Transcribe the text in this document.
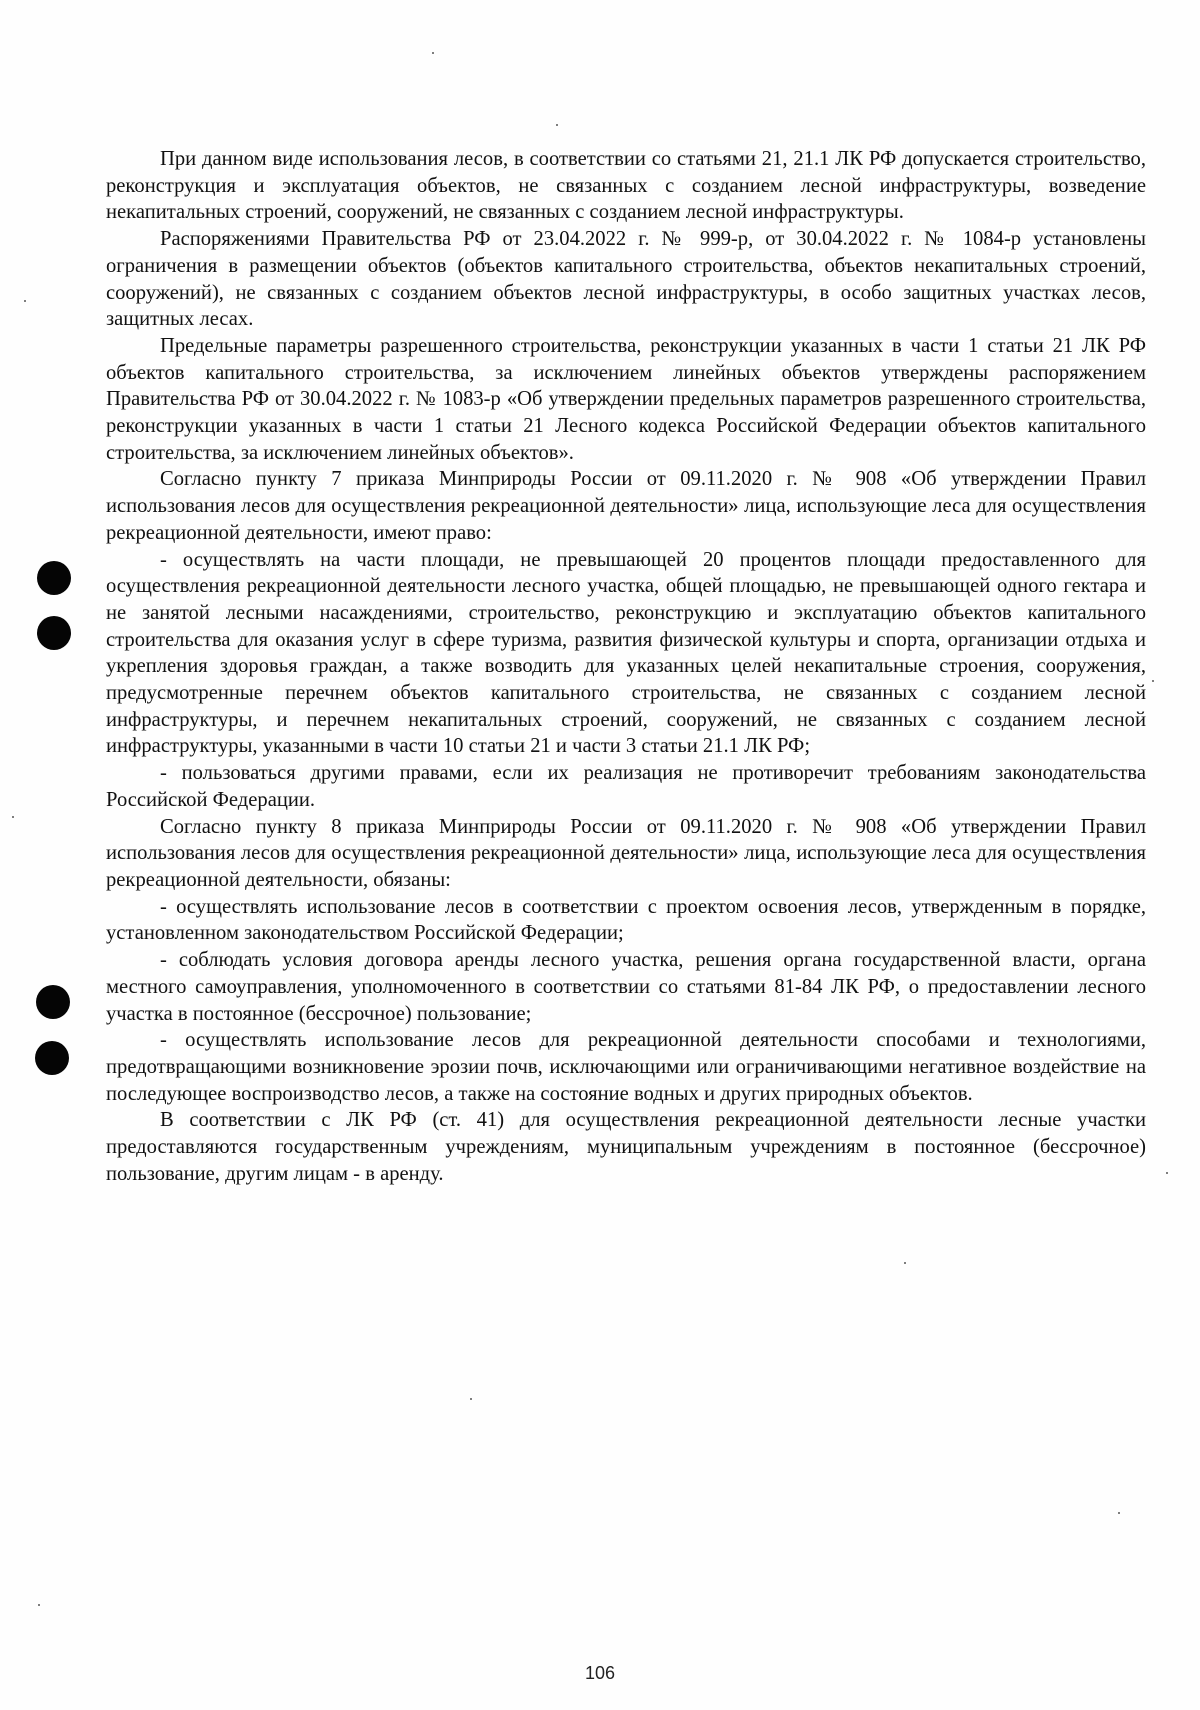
При данном виде использования лесов, в соответствии со статьями 21, 21.1 ЛК РФ допускается строительство, реконструкция и эксплуатация объектов, не связанных с созданием лесной инфраструктуры, возведение некапитальных строений, сооружений, не связанных с созданием лесной инфраструктуры.

Распоряжениями Правительства РФ от 23.04.2022 г. № 999-р, от 30.04.2022 г. № 1084-р установлены ограничения в размещении объектов (объектов капитального строительства, объектов некапитальных строений, сооружений), не связанных с созданием объектов лесной инфраструктуры, в особо защитных участках лесов, защитных лесах.

Предельные параметры разрешенного строительства, реконструкции указанных в части 1 статьи 21 ЛК РФ объектов капитального строительства, за исключением линейных объектов утверждены распоряжением Правительства РФ от 30.04.2022 г. № 1083-р «Об утверждении предельных параметров разрешенного строительства, реконструкции указанных в части 1 статьи 21 Лесного кодекса Российской Федерации объектов капитального строительства, за исключением линейных объектов».

Согласно пункту 7 приказа Минприроды России от 09.11.2020 г. № 908 «Об утверждении Правил использования лесов для осуществления рекреационной деятельности» лица, использующие леса для осуществления рекреационной деятельности, имеют право:

- осуществлять на части площади, не превышающей 20 процентов площади предоставленного для осуществления рекреационной деятельности лесного участка, общей площадью, не превышающей одного гектара и не занятой лесными насаждениями, строительство, реконструкцию и эксплуатацию объектов капитального строительства для оказания услуг в сфере туризма, развития физической культуры и спорта, организации отдыха и укрепления здоровья граждан, а также возводить для указанных целей некапитальные строения, сооружения, предусмотренные перечнем объектов капитального строительства, не связанных с созданием лесной инфраструктуры, и перечнем некапитальных строений, сооружений, не связанных с созданием лесной инфраструктуры, указанными в части 10 статьи 21 и части 3 статьи 21.1 ЛК РФ;

- пользоваться другими правами, если их реализация не противоречит требованиям законодательства Российской Федерации.

Согласно пункту 8 приказа Минприроды России от 09.11.2020 г. № 908 «Об утверждении Правил использования лесов для осуществления рекреационной деятельности» лица, использующие леса для осуществления рекреационной деятельности, обязаны:

- осуществлять использование лесов в соответствии с проектом освоения лесов, утвержденным в порядке, установленном законодательством Российской Федерации;

- соблюдать условия договора аренды лесного участка, решения органа государственной власти, органа местного самоуправления, уполномоченного в соответствии со статьями 81-84 ЛК РФ, о предоставлении лесного участка в постоянное (бессрочное) пользование;

- осуществлять использование лесов для рекреационной деятельности способами и технологиями, предотвращающими возникновение эрозии почв, исключающими или ограничивающими негативное воздействие на последующее воспроизводство лесов, а также на состояние водных и других природных объектов.

В соответствии с ЛК РФ (ст. 41) для осуществления рекреационной деятельности лесные участки предоставляются государственным учреждениям, муниципальным учреждениям в постоянное (бессрочное) пользование, другим лицам - в аренду.

106
